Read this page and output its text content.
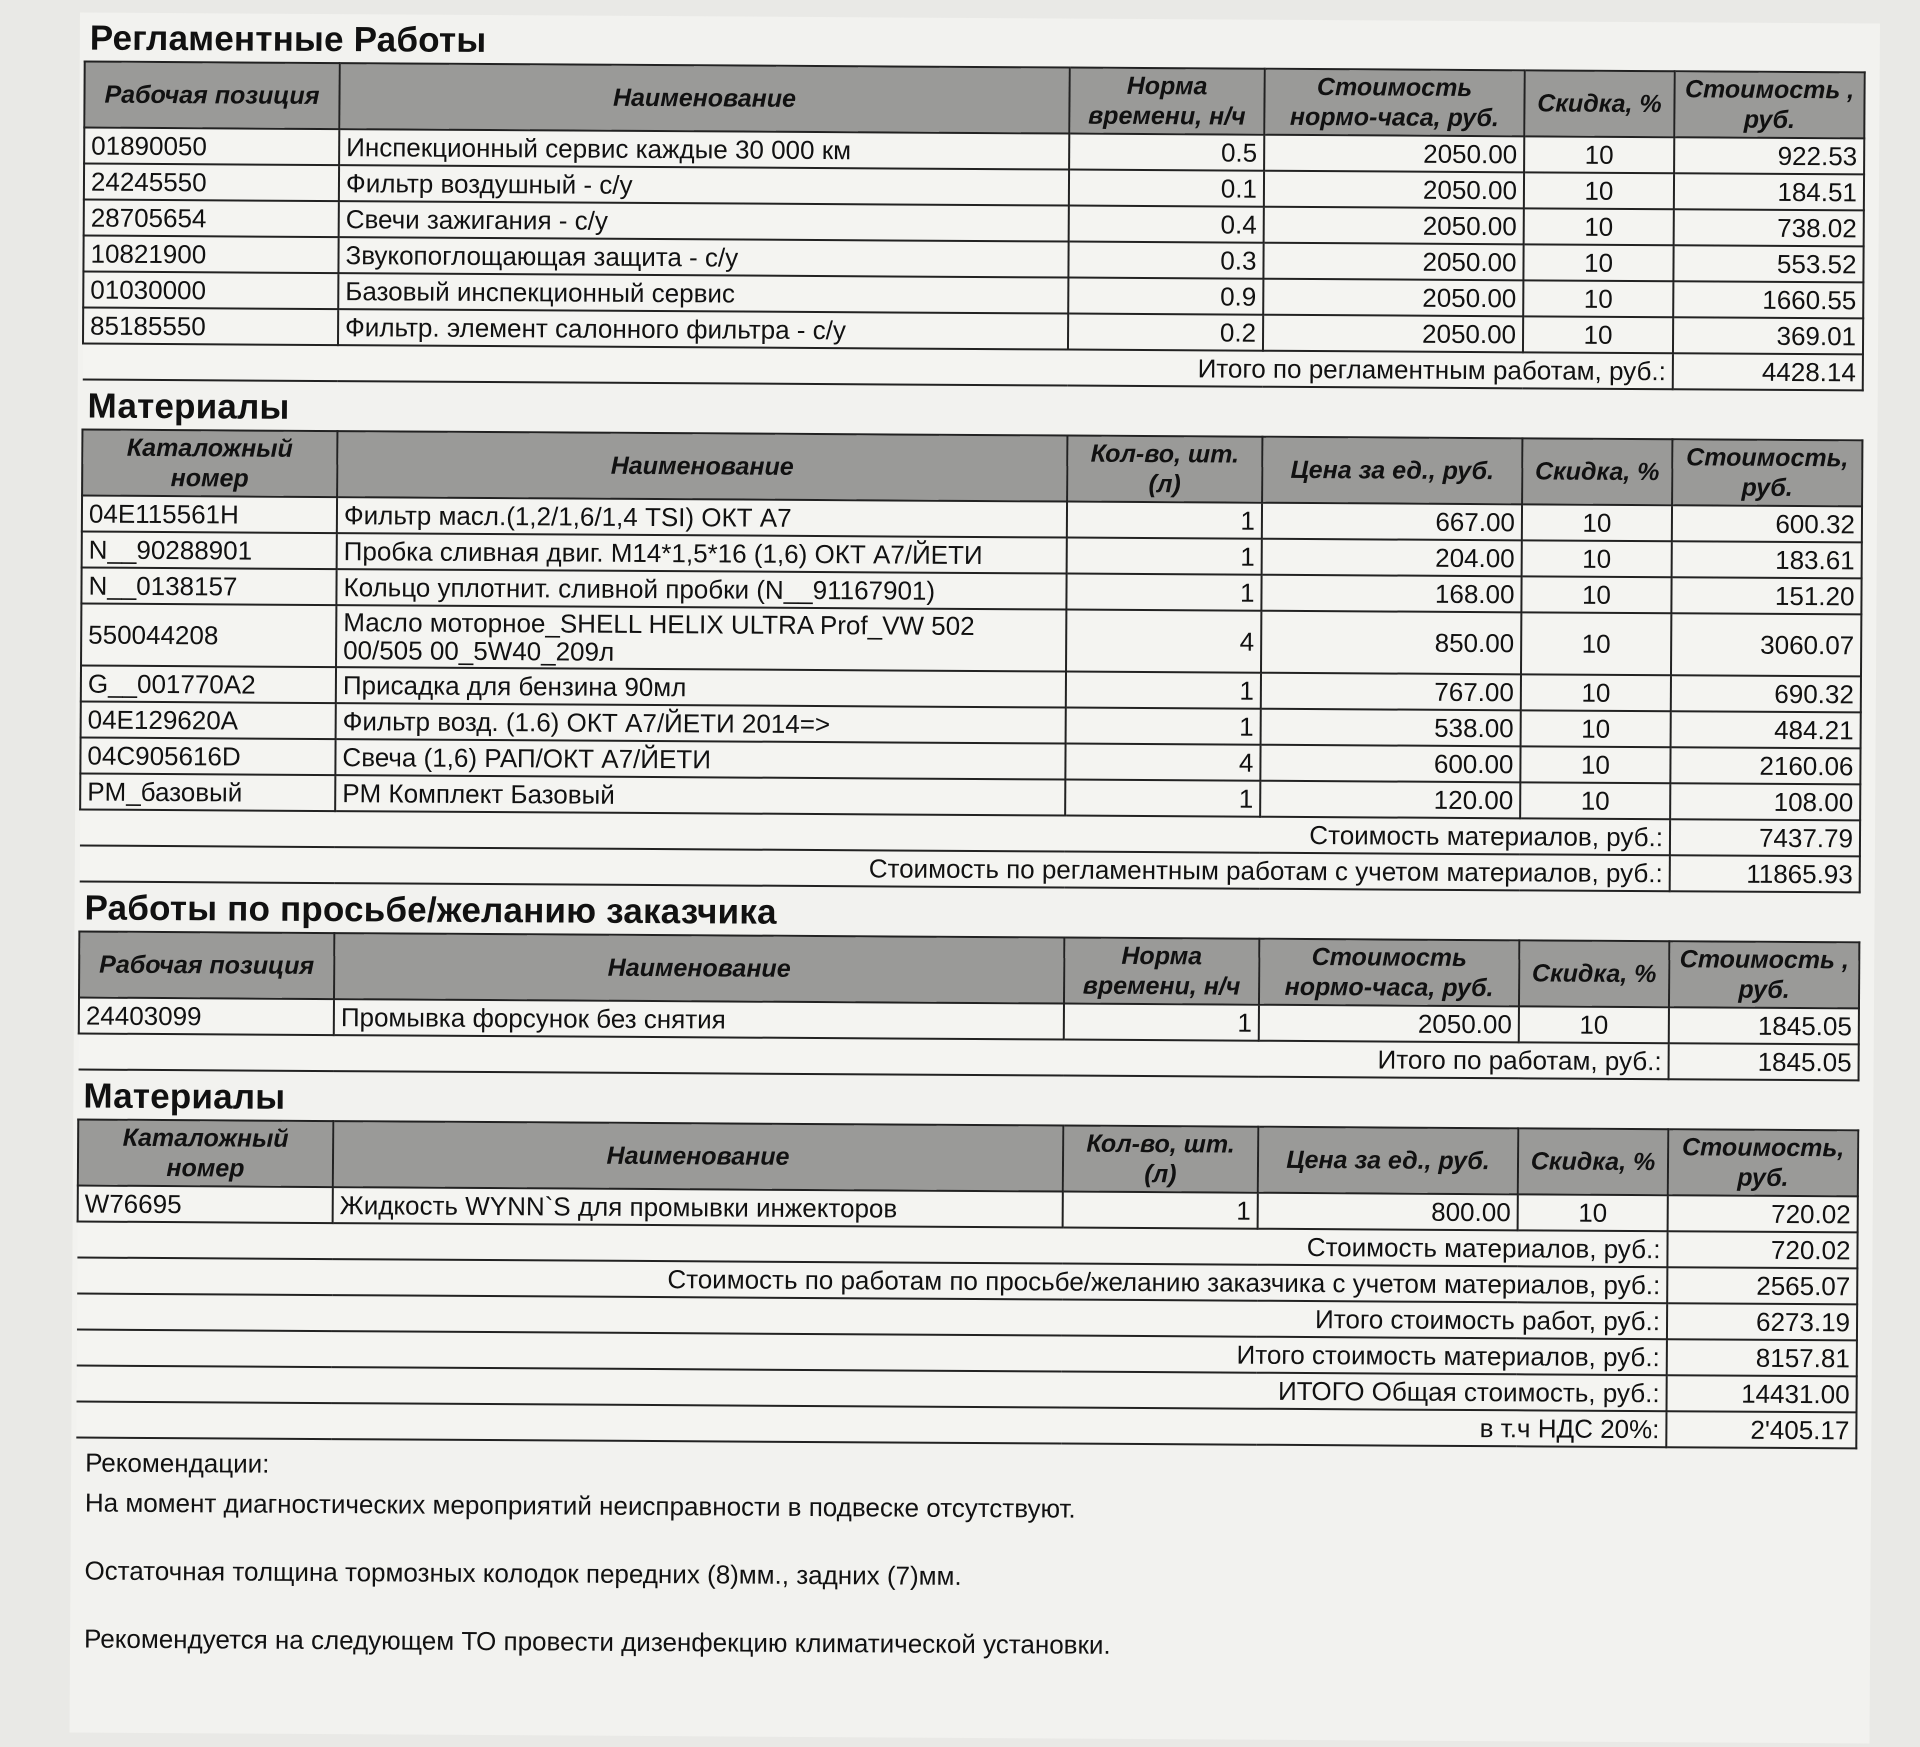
Регламентные Работы
Рабочая позиция	Наименование	Норма времени, н/ч	Стоимость нормо-часа, руб.	Скидка, %	Стоимость , руб.
01890050	Инспекционный сервис каждые 30 000 км	0.5	2050.00	10	922.53
24245550	Фильтр воздушный - с/у	0.1	2050.00	10	184.51
28705654	Свечи зажигания - с/у	0.4	2050.00	10	738.02
10821900	Звукопоглощающая защита - с/у	0.3	2050.00	10	553.52
01030000	Базовый инспекционный сервис	0.9	2050.00	10	1660.55
85185550	Фильтр. элемент салонного фильтра - с/у	0.2	2050.00	10	369.01
Итого по регламентным работам, руб.:					4428.14
Материалы
Каталожный номер	Наименование	Кол-во, шт. (л)	Цена за ед., руб.	Скидка, %	Стоимость, руб.
04E115561H	Фильтр масл.(1,2/1,6/1,4 TSI) ОКТ А7	1	667.00	10	600.32
N__90288901	Пробка сливная двиг. М14*1,5*16 (1,6) ОКТ А7/ЙЕТИ	1	204.00	10	183.61
N__0138157	Кольцо уплотнит. сливной пробки (N__91167901)	1	168.00	10	151.20
550044208	Масло моторное_SHELL HELIX ULTRA Prof_VW 502 00/505 00_5W40_209л	4	850.00	10	3060.07
G__001770A2	Присадка для бензина 90мл	1	767.00	10	690.32
04E129620A	Фильтр возд. (1.6) ОКТ А7/ЙЕТИ 2014=>	1	538.00	10	484.21
04C905616D	Свеча (1,6) РАП/ОКТ А7/ЙЕТИ	4	600.00	10	2160.06
PM_базовый	PM Комплект Базовый	1	120.00	10	108.00
Стоимость материалов, руб.:					7437.79
Стоимость по регламентным работам с учетом материалов, руб.:					11865.93
Работы по просьбе/желанию заказчика
Рабочая позиция	Наименование	Норма времени, н/ч	Стоимость нормо-часа, руб.	Скидка, %	Стоимость , руб.
24403099	Промывка форсунок без снятия	1	2050.00	10	1845.05
Итого по работам, руб.:					1845.05
Материалы
Каталожный номер	Наименование	Кол-во, шт. (л)	Цена за ед., руб.	Скидка, %	Стоимость, руб.
W76695	Жидкость WYNN`S для промывки инжекторов	1	800.00	10	720.02
Стоимость материалов, руб.:					720.02
Стоимость по работам по просьбе/желанию заказчика с учетом материалов, руб.:					2565.07
Итого стоимость работ, руб.:					6273.19
Итого стоимость материалов, руб.:					8157.81
ИТОГО Общая стоимость, руб.:					14431.00
в т.ч НДС 20%:					2'405.17

Рекомендации:

На момент диагностических мероприятий неисправности в подвеске отсутствуют.

Остаточная толщина тормозных колодок передних (8)мм., задних (7)мм.

Рекомендуется на следующем ТО провести дизенфекцию климатической установки.
